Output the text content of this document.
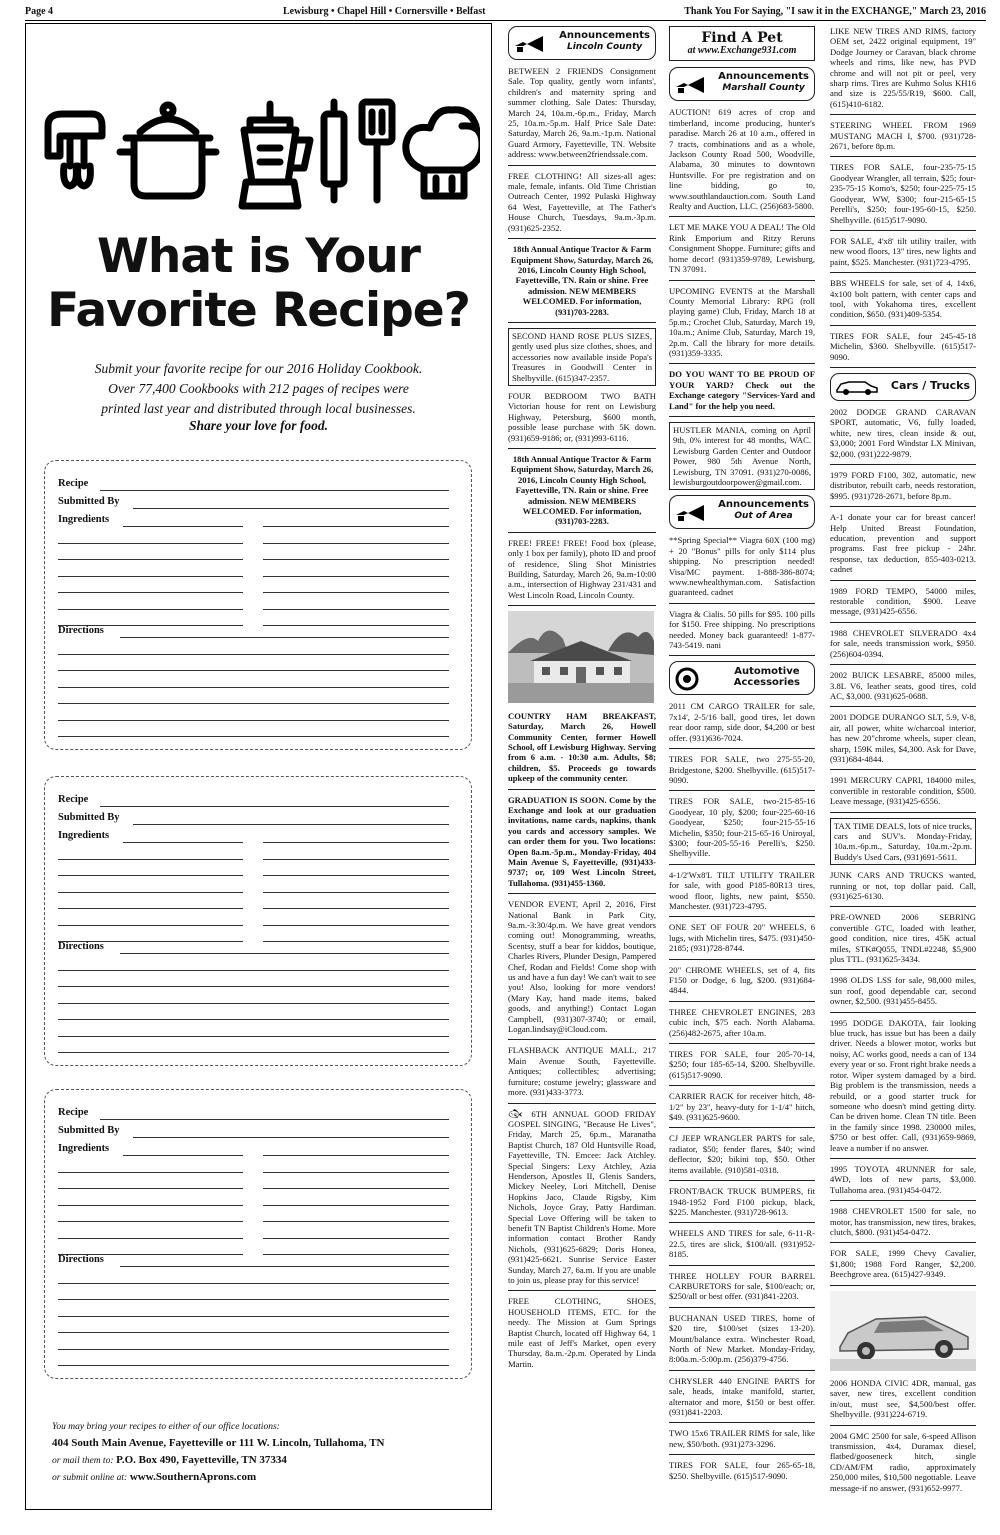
Page 4	Lewisburg • Chapel Hill • Cornersville • Belfast	Thank You For Saying, "I saw it in the EXCHANGE," March 23, 2016
What is Your
Favorite Recipe?
Submit your favorite recipe for our 2016 Holiday Cookbook.
Over 77,400 Cookbooks with 212 pages of recipes were
printed last year and distributed through local businesses.
Share your love for food.
Recipe
Submitted By
Ingredients
Directions
Recipe
Submitted By
Ingredients
Directions
Recipe
Submitted By
Ingredients
Directions
You may bring your recipes to either of our office locations:
404 South Main Avenue, Fayetteville or 111 W. Lincoln, Tullahoma, TN
or mail them to: P.O. Box 490, Fayetteville, TN 37334
or submit online at: www.SouthernAprons.com
Announcements
Lincoln County
BETWEEN 2 FRIENDS Consignment Sale. Top quality, gently worn infants', children's and maternity spring and summer clothing. Sale Dates: Thursday, March 24, 10a.m.-6p.m., Friday, March 25, 10a.m.-5p.m. Half Price Sale Date: Saturday, March 26, 9a.m.-1p.m. National Guard Armory, Fayetteville, TN. Website address: www.between2friendssale.com.
FREE CLOTHING! All sizes-all ages: male, female, infants. Old Time Christian Outreach Center, 1992 Pulaski Highway 64 West, Fayetteville, at The Father's House Church, Tuesdays, 9a.m.-3p.m. (931)625-2352.
18th Annual Antique Tractor & Farm Equipment Show, Saturday, March 26, 2016, Lincoln County High School, Fayetteville, TN. Rain or shine. Free admission. NEW MEMBERS WELCOMED. For information, (931)703-2283.
SECOND HAND ROSE PLUS SIZES, gently used plus size clothes, shoes, and accessories now available inside Popa's Treasures in Goodwill Center in Shelbyville. (615)347-2357.
FOUR BEDROOM TWO BATH Victorian house for rent on Lewisburg Highway, Petersburg, $600 month, possible lease purchase with 5K down. (931)659-9186; or, (931)993-6116.
18th Annual Antique Tractor & Farm Equipment Show, Saturday, March 26, 2016, Lincoln County High School, Fayetteville, TN. Rain or shine. Free admission. NEW MEMBERS WELCOMED. For information, (931)703-2283.
FREE! FREE! FREE! Food box (please, only 1 box per family), photo ID and proof of residence, Sling Shot Ministries Building, Saturday, March 26, 9a.m-10:00 a.m., intersection of Highway 231/431 and West Lincoln Road, Lincoln County.
COUNTRY HAM BREAKFAST, Saturday, March 26, Howell Community Center, former Howell School, off Lewisburg Highway. Serving from 6 a.m. - 10:30 a.m. Adults, $8; children, $5. Proceeds go towards upkeep of the community center.
GRADUATION IS SOON. Come by the Exchange and look at our graduation invitations, name cards, napkins, thank you cards and accessory samples. We can order them for you. Two locations: Open 8a.m.-5p.m., Monday-Friday, 404 Main Avenue S, Fayetteville, (931)433-9737; or, 109 West Lincoln Street, Tullahoma. (931)455-1360.
VENDOR EVENT, April 2, 2016, First National Bank in Park City, 9a.m.-3:30/4p.m. We have great vendors coming out! Monogramming, wreaths, Scentsy, stuff a bear for kiddos, boutique, Charles Rivers, Plunder Design, Pampered Chef, Rodan and Fields! Come shop with us and have a fun day! We can't wait to see you! Also, looking for more vendors! (Mary Kay, hand made items, baked goods, and anything!) Contact Logan Campbell, (931)307-3740; or email, Logan.lindsay@iCloud.com.
FLASHBACK ANTIQUE MALL, 217 Main Avenue South, Fayetteville. Antiques; collectibles; advertising; furniture; costume jewelry; glassware and more. (931)433-3773.
🐟︎ 6TH ANNUAL GOOD FRIDAY GOSPEL SINGING, "Because He Lives", Friday, March 25, 6p.m., Maranatha Baptist Church, 187 Old Huntsville Road, Fayetteville, TN. Emcee: Jack Atchley. Special Singers: Lexy Atchley, Azia Henderson, Apostles II, Glenis Sanders, Mickey Neeley, Lori Mitchell, Denise Hopkins Jaco, Claude Rigsby, Kim Nichols, Joyce Gray, Patty Hardiman. Special Love Offering will be taken to benefit TN Baptist Children's Home. More information contact Brother Randy Nichols, (931)625-6829; Doris Honea, (931)425-6621. Sunrise Service Easter Sunday, March 27, 6a.m. If you are unable to join us, please pray for this service!
FREE CLOTHING, SHOES, HOUSEHOLD ITEMS, ETC. for the needy. The Mission at Gum Springs Baptist Church, located off Highway 64, 1 mile east of Jeff's Market, open every Thursday, 8a.m.-2p.m. Operated by Linda Martin.
Find A Pet
at www.Exchange931.com
Announcements
Marshall County
AUCTION! 619 acres of crop and timberland, income producing, hunter's paradise. March 26 at 10 a.m., offered in 7 tracts, combinations and as a whole, Jackson County Road 500, Woodville, Alabama, 30 minutes to downtown Huntsville. For pre registration and on line bidding, go to, www.southlandauction.com. South Land Realty and Auction, LLC. (256)683-5800.
LET ME MAKE YOU A DEAL! The Old Rink Emporium and Ritzy Reruns Consignment Shoppe. Furniture; gifts and home decor! (931)359-9789, Lewisburg, TN 37091.
UPCOMING EVENTS at the Marshall County Memorial Library: RPG (roll playing game) Club, Friday, March 18 at 5p.m.; Crochet Club, Saturday, March 19, 10a.m.; Anime Club, Saturday, March 19, 2p.m. Call the library for more details. (931)359-3335.
DO YOU WANT TO BE PROUD OF YOUR YARD? Check out the Exchange category "Services-Yard and Land" for the help you need.
HUSTLER MANIA, coming on April 9th, 0% interest for 48 months, WAC. Lewisburg Garden Center and Outdoor Power, 980 5th Avenue North, Lewisburg, TN 37091. (931)270-0086, lewisburgoutdoorpower@gmail.com.
Announcements
Out of Area
**Spring Special** Viagra 60X (100 mg) + 20 "Bonus" pills for only $114 plus shipping. No prescription needed! Visa/MC payment. 1-888-386-8074; www.newhealthyman.com. Satisfaction guaranteed. cadnet
Viagra & Cialis. 50 pills for $95. 100 pills for $150. Free shipping. No prescriptions needed. Money back guaranteed! 1-877-743-5419. nani
Automotive
Accessories
2011 CM CARGO TRAILER for sale, 7x14', 2-5/16 ball, good tires, let down rear door ramp, side door, $4,200 or best offer. (931)636-7024.
TIRES FOR SALE, two 275-55-20, Bridgestone, $200. Shelbyville. (615)517-9090.
TIRES FOR SALE, two-215-85-16 Goodyear, 10 ply, $200; four-225-60-16 Goodyear, $250; four-215-55-16 Michelin, $350; four-215-65-16 Uniroyal, $300; four-205-55-16 Perelli's, $250. Shelbyville.
4-1/2'Wx8'L TILT UTILITY TRAILER for sale, with good P185-80R13 tires, wood floor, lights, new paint, $550. Manchester. (931)723-4795.
ONE SET OF FOUR 20" WHEELS, 6 lugs, with Michelin tires, $475. (931)450-2185; (931)728-8744.
20" CHROME WHEELS, set of 4, fits F150 or Dodge, 6 lug, $200. (931)684-4844.
THREE CHEVROLET ENGINES, 283 cubic inch, $75 each. North Alabama. (256)482-2675, after 10a.m.
TIRES FOR SALE, four 205-70-14, $250; four 185-65-14, $200. Shelbyville. (615)517-9090.
CARRIER RACK for receiver hitch, 48-1/2" by 23", heavy-duty for 1-1/4" hitch, $49. (931)625-9600.
CJ JEEP WRANGLER PARTS for sale, radiator, $50; fender flares, $40; wind deflector, $20; bikini top, $50. Other items available. (910)581-0318.
FRONT/BACK TRUCK BUMPERS, fit 1948-1952 Ford F100 pickup, black, $225. Manchester. (931)728-9613.
WHEELS AND TIRES for sale, 6-11-R-22.5, tires are slick, $100/all. (931)952-8185.
THREE HOLLEY FOUR BARREL CARBURETORS for sale, $100/each; or, $250/all or best offer. (931)841-2203.
BUCHANAN USED TIRES, home of $20 tire, $100/set (sizes 13-20). Mount/balance extra. Winchester Road, North of New Market. Monday-Friday, 8:00a.m.-5:00p.m. (256)379-4756.
CHRYSLER 440 ENGINE PARTS for sale, heads, intake manifold, starter, alternator and more, $150 or best offer. (931)841-2203.
TWO 15x6 TRAILER RIMS for sale, like new, $50/both. (931)273-3296.
TIRES FOR SALE, four 265-65-18, $250. Shelbyville. (615)517-9090.
LIKE NEW TIRES AND RIMS, factory OEM set, 2422 original equipment, 19" Dodge Journey or Caravan, black chrome wheels and rims, like new, has PVD chrome and will not pit or peel, very sharp rims. Tires are Kuhmo Solus KH16 and size is 225/55/R19, $600. Call, (615)410-6182.
STEERING WHEEL FROM 1969 MUSTANG MACH I, $700. (931)728-2671, before 8p.m.
TIRES FOR SALE, four-235-75-15 Goodyear Wrangler, all terrain, $25; four-235-75-15 Komo's, $250; four-225-75-15 Goodyear, WW, $300; four-215-65-15 Perelli's, $250; four-195-60-15, $250. Shelbyville. (615)517-9090.
FOR SALE, 4'x8' tilt utility trailer, with new wood floors, 13" tires, new lights and paint, $525. Manchester. (931)723-4795.
BBS WHEELS for sale, set of 4, 14x6, 4x100 bolt pattern, with center caps and tool, with Yokahoma tires, excellent condition, $650. (931)409-5354.
TIRES FOR SALE, four 245-45-18 Michelin, $360. Shelbyville. (615)517-9090.
Cars / Trucks
2002 DODGE GRAND CARAVAN SPORT, automatic, V6, fully loaded, white, new tires, clean inside & out, $3,000; 2001 Ford Windstar LX Minivan, $2,000. (931)222-9879.
1979 FORD F100, 302, automatic, new distributor, rebuilt carb, needs restoration, $995. (931)728-2671, before 8p.m.
A-1 donate your car for breast cancer! Help United Breast Foundation, education, prevention and support programs. Fast free pickup - 24hr. response, tax deduction, 855-403-0213. cadnet
1989 FORD TEMPO, 54000 miles, restorable condition, $900. Leave message, (931)425-6556.
1988 CHEVROLET SILVERADO 4x4 for sale, needs transmission work, $950. (256)604-0394.
2002 BUICK LESABRE, 85000 miles, 3.8L V6, leather seats, good tires, cold AC, $3,000. (931)625-0688.
2001 DODGE DURANGO SLT, 5.9, V-8, air, all power, white w/charcoal interior, has new 20"chrome wheels, super clean, sharp, 159K miles, $4,300. Ask for Dave, (931)684-4844.
1991 MERCURY CAPRI, 184000 miles, convertible in restorable condition, $500. Leave message, (931)425-6556.
TAX TIME DEALS, lots of nice trucks, cars and SUV's. Monday-Friday, 10a.m.-6p.m., Saturday, 10a.m.-2p.m. Buddy's Used Cars, (931)691-5611.
JUNK CARS AND TRUCKS wanted, running or not, top dollar paid. Call, (931)625-6130.
PRE-OWNED 2006 SEBRING convertible GTC, loaded with leather, good condition, nice tires, 45K actual miles, STK#Q055, TNDL#2248, $5,900 plus TTL. (931)625-3434.
1998 OLDS LSS for sale, 98,000 miles, sun roof, good dependable car, second owner, $2,500. (931)455-8455.
1995 DODGE DAKOTA, fair looking blue truck, has issue but has been a daily driver. Needs a blower motor, works but noisy, AC works good, needs a can of 134 every year or so. Front right brake needs a rotor. Wiper system damaged by a bird. Big problem is the transmission, needs a rebuild, or a good starter truck for someone who doesn't mind getting dirty. Can be driven home. Clean TN title. Been in the family since 1998. 230000 miles, $750 or best offer. Call, (931)659-9869, leave a number if no answer.
1995 TOYOTA 4RUNNER for sale, 4WD, lots of new parts, $3,000. Tullahoma area. (931)454-0472.
1988 CHEVROLET 1500 for sale, no motor, has transmission, new tires, brakes, clutch, $800. (931)454-0472.
FOR SALE, 1999 Chevy Cavalier, $1,800; 1988 Ford Ranger, $2,200. Beechgrove area. (615)427-9349.
2006 HONDA CIVIC 4DR, manual, gas saver, new tires, excellent condition in/out, must see, $4,500/best offer. Shelbyville. (931)224-6719.
2004 GMC 2500 for sale, 6-speed Allison transmission, 4x4, Duramax diesel, flatbed/gooseneck hitch, single CD/AM/FM radio, approximately 250,000 miles, $10,500 negotiable. Leave message-if no answer, (931)652-9977.
